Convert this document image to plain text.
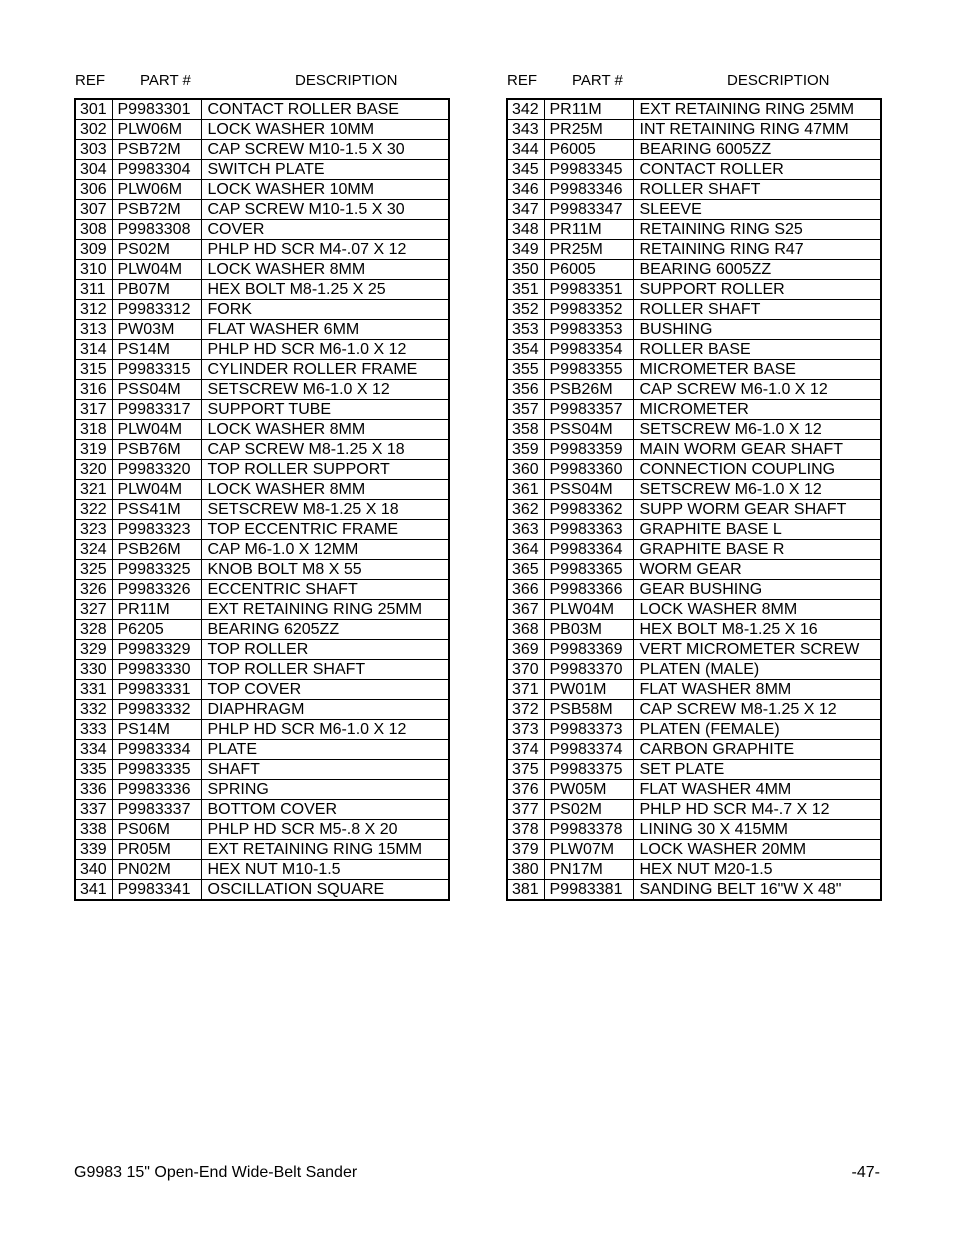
REF PART #	DESCRIPTION
301	P9983301	CONTACT ROLLER BASE
302	PLW06M	LOCK WASHER 10MM
303	PSB72M	CAP SCREW M10-1.5 X 30
304	P9983304	SWITCH PLATE
306	PLW06M	LOCK WASHER 10MM
307	PSB72M	CAP SCREW M10-1.5 X 30
308	P9983308	COVER
309	PS02M	PHLP HD SCR M4-.07 X 12
310	PLW04M	LOCK WASHER 8MM
311	PB07M	HEX BOLT M8-1.25 X 25
312	P9983312	FORK
313	PW03M	FLAT WASHER 6MM
314	PS14M	PHLP HD SCR M6-1.0 X 12
315	P9983315	CYLINDER ROLLER FRAME
316	PSS04M	SETSCREW M6-1.0 X 12
317	P9983317	SUPPORT TUBE
318	PLW04M	LOCK WASHER 8MM
319	PSB76M	CAP SCREW M8-1.25 X 18
320	P9983320	TOP ROLLER SUPPORT
321	PLW04M	LOCK WASHER 8MM
322	PSS41M	SETSCREW M8-1.25 X 18
323	P9983323	TOP ECCENTRIC FRAME
324	PSB26M	CAP M6-1.0 X 12MM
325	P9983325	KNOB BOLT M8 X 55
326	P9983326	ECCENTRIC SHAFT
327	PR11M	EXT RETAINING RING 25MM
328	P6205	BEARING 6205ZZ
329	P9983329	TOP ROLLER
330	P9983330	TOP ROLLER SHAFT
331	P9983331	TOP COVER
332	P9983332	DIAPHRAGM
333	PS14M	PHLP HD SCR M6-1.0 X 12
334	P9983334	PLATE
335	P9983335	SHAFT
336	P9983336	SPRING
337	P9983337	BOTTOM COVER
338	PS06M	PHLP HD SCR M5-.8 X 20
339	PR05M	EXT RETAINING RING 15MM
340	PN02M	HEX NUT M10-1.5
341	P9983341	OSCILLATION SQUARE
REF PART #	DESCRIPTION
342	PR11M	EXT RETAINING RING 25MM
343	PR25M	INT RETAINING RING 47MM
344	P6005	BEARING 6005ZZ
345	P9983345	CONTACT ROLLER
346	P9983346	ROLLER SHAFT
347	P9983347	SLEEVE
348	PR11M	RETAINING RING S25
349	PR25M	RETAINING RING R47
350	P6005	BEARING 6005ZZ
351	P9983351	SUPPORT ROLLER
352	P9983352	ROLLER SHAFT
353	P9983353	BUSHING
354	P9983354	ROLLER BASE
355	P9983355	MICROMETER BASE
356	PSB26M	CAP SCREW M6-1.0 X 12
357	P9983357	MICROMETER
358	PSS04M	SETSCREW M6-1.0 X 12
359	P9983359	MAIN WORM GEAR SHAFT
360	P9983360	CONNECTION COUPLING
361	PSS04M	SETSCREW M6-1.0 X 12
362	P9983362	SUPP WORM GEAR SHAFT
363	P9983363	GRAPHITE BASE L
364	P9983364	GRAPHITE BASE R
365	P9983365	WORM GEAR
366	P9983366	GEAR BUSHING
367	PLW04M	LOCK WASHER 8MM
368	PB03M	HEX BOLT M8-1.25 X 16
369	P9983369	VERT MICROMETER SCREW
370	P9983370	PLATEN (MALE)
371	PW01M	FLAT WASHER 8MM
372	PSB58M	CAP SCREW M8-1.25 X 12
373	P9983373	PLATEN (FEMALE)
374	P9983374	CARBON GRAPHITE
375	P9983375	SET PLATE
376	PW05M	FLAT WASHER 4MM
377	PS02M	PHLP HD SCR M4-.7 X 12
378	P9983378	LINING 30 X 415MM
379	PLW07M	LOCK WASHER 20MM
380	PN17M	HEX NUT M20-1.5
381	P9983381	SANDING BELT 16"W X 48"
G9983 15" Open-End Wide-Belt Sander	-47-
